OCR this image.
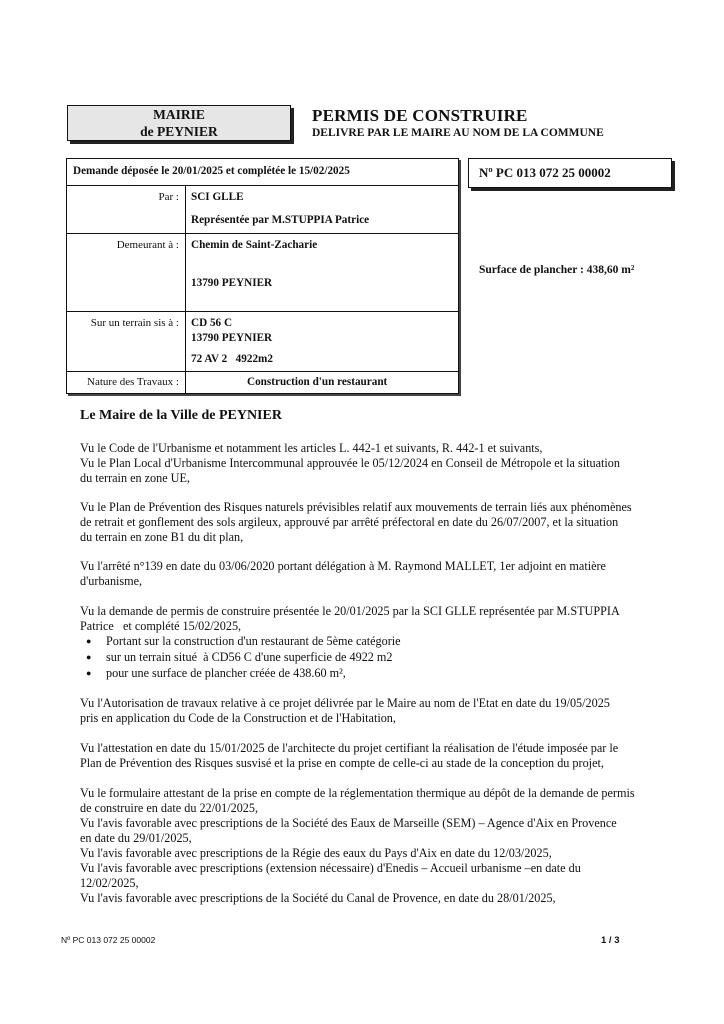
MAIRIE
de PEYNIER
PERMIS DE CONSTRUIRE
DELIVRE PAR LE MAIRE AU NOM DE LA COMMUNE
Demande déposée le 20/01/2025 et complétée le 15/02/2025
Par : SCI GLLE
Représentée par M.STUPPIA Patrice
Demeurant à : Chemin de Saint-Zacharie
13790 PEYNIER
Sur un terrain sis à : CD 56 C
13790 PEYNIER
72 AV 2   4922m2
Nature des Travaux :	Construction d'un restaurant
Nº PC 013 072 25 00002
Surface de plancher : 438,60 m²
Le Maire de la Ville de PEYNIER
Vu le Code de l'Urbanisme et notamment les articles L. 442-1 et suivants, R. 442-1 et suivants,
Vu le Plan Local d'Urbanisme Intercommunal approuvée le 05/12/2024 en Conseil de Métropole et la situation
du terrain en zone UE,
Vu le Plan de Prévention des Risques naturels prévisibles relatif aux mouvements de terrain liés aux phénomènes
de retrait et gonflement des sols argileux, approuvé par arrêté préfectoral en date du 26/07/2007, et la situation
du terrain en zone B1 du dit plan,
Vu l'arrêté n°139 en date du 03/06/2020 portant délégation à M. Raymond MALLET, 1er adjoint en matière
d'urbanisme,
Vu la demande de permis de construire présentée le 20/01/2025 par la SCI GLLE représentée par M.STUPPIA
Patrice   et complété 15/02/2025,
● Portant sur la construction d'un restaurant de 5ème catégorie
● sur un terrain situé  à CD56 C d'une superficie de 4922 m2
● pour une surface de plancher créée de 438.60 m²,
Vu l'Autorisation de travaux relative à ce projet délivrée par le Maire au nom de l'Etat en date du 19/05/2025
pris en application du Code de la Construction et de l'Habitation,
Vu l'attestation en date du 15/01/2025 de l'architecte du projet certifiant la réalisation de l'étude imposée par le
Plan de Prévention des Risques susvisé et la prise en compte de celle-ci au stade de la conception du projet,
Vu le formulaire attestant de la prise en compte de la réglementation thermique au dépôt de la demande de permis
de construire en date du 22/01/2025,
Vu l'avis favorable avec prescriptions de la Société des Eaux de Marseille (SEM) – Agence d'Aix en Provence
en date du 29/01/2025,
Vu l'avis favorable avec prescriptions de la Régie des eaux du Pays d'Aix en date du 12/03/2025,
Vu l'avis favorable avec prescriptions (extension nécessaire) d'Enedis – Accueil urbanisme –en date du
12/02/2025,
Vu l'avis favorable avec prescriptions de la Société du Canal de Provence, en date du 28/01/2025,
Nº PC 013 072 25 00002	1 / 3
